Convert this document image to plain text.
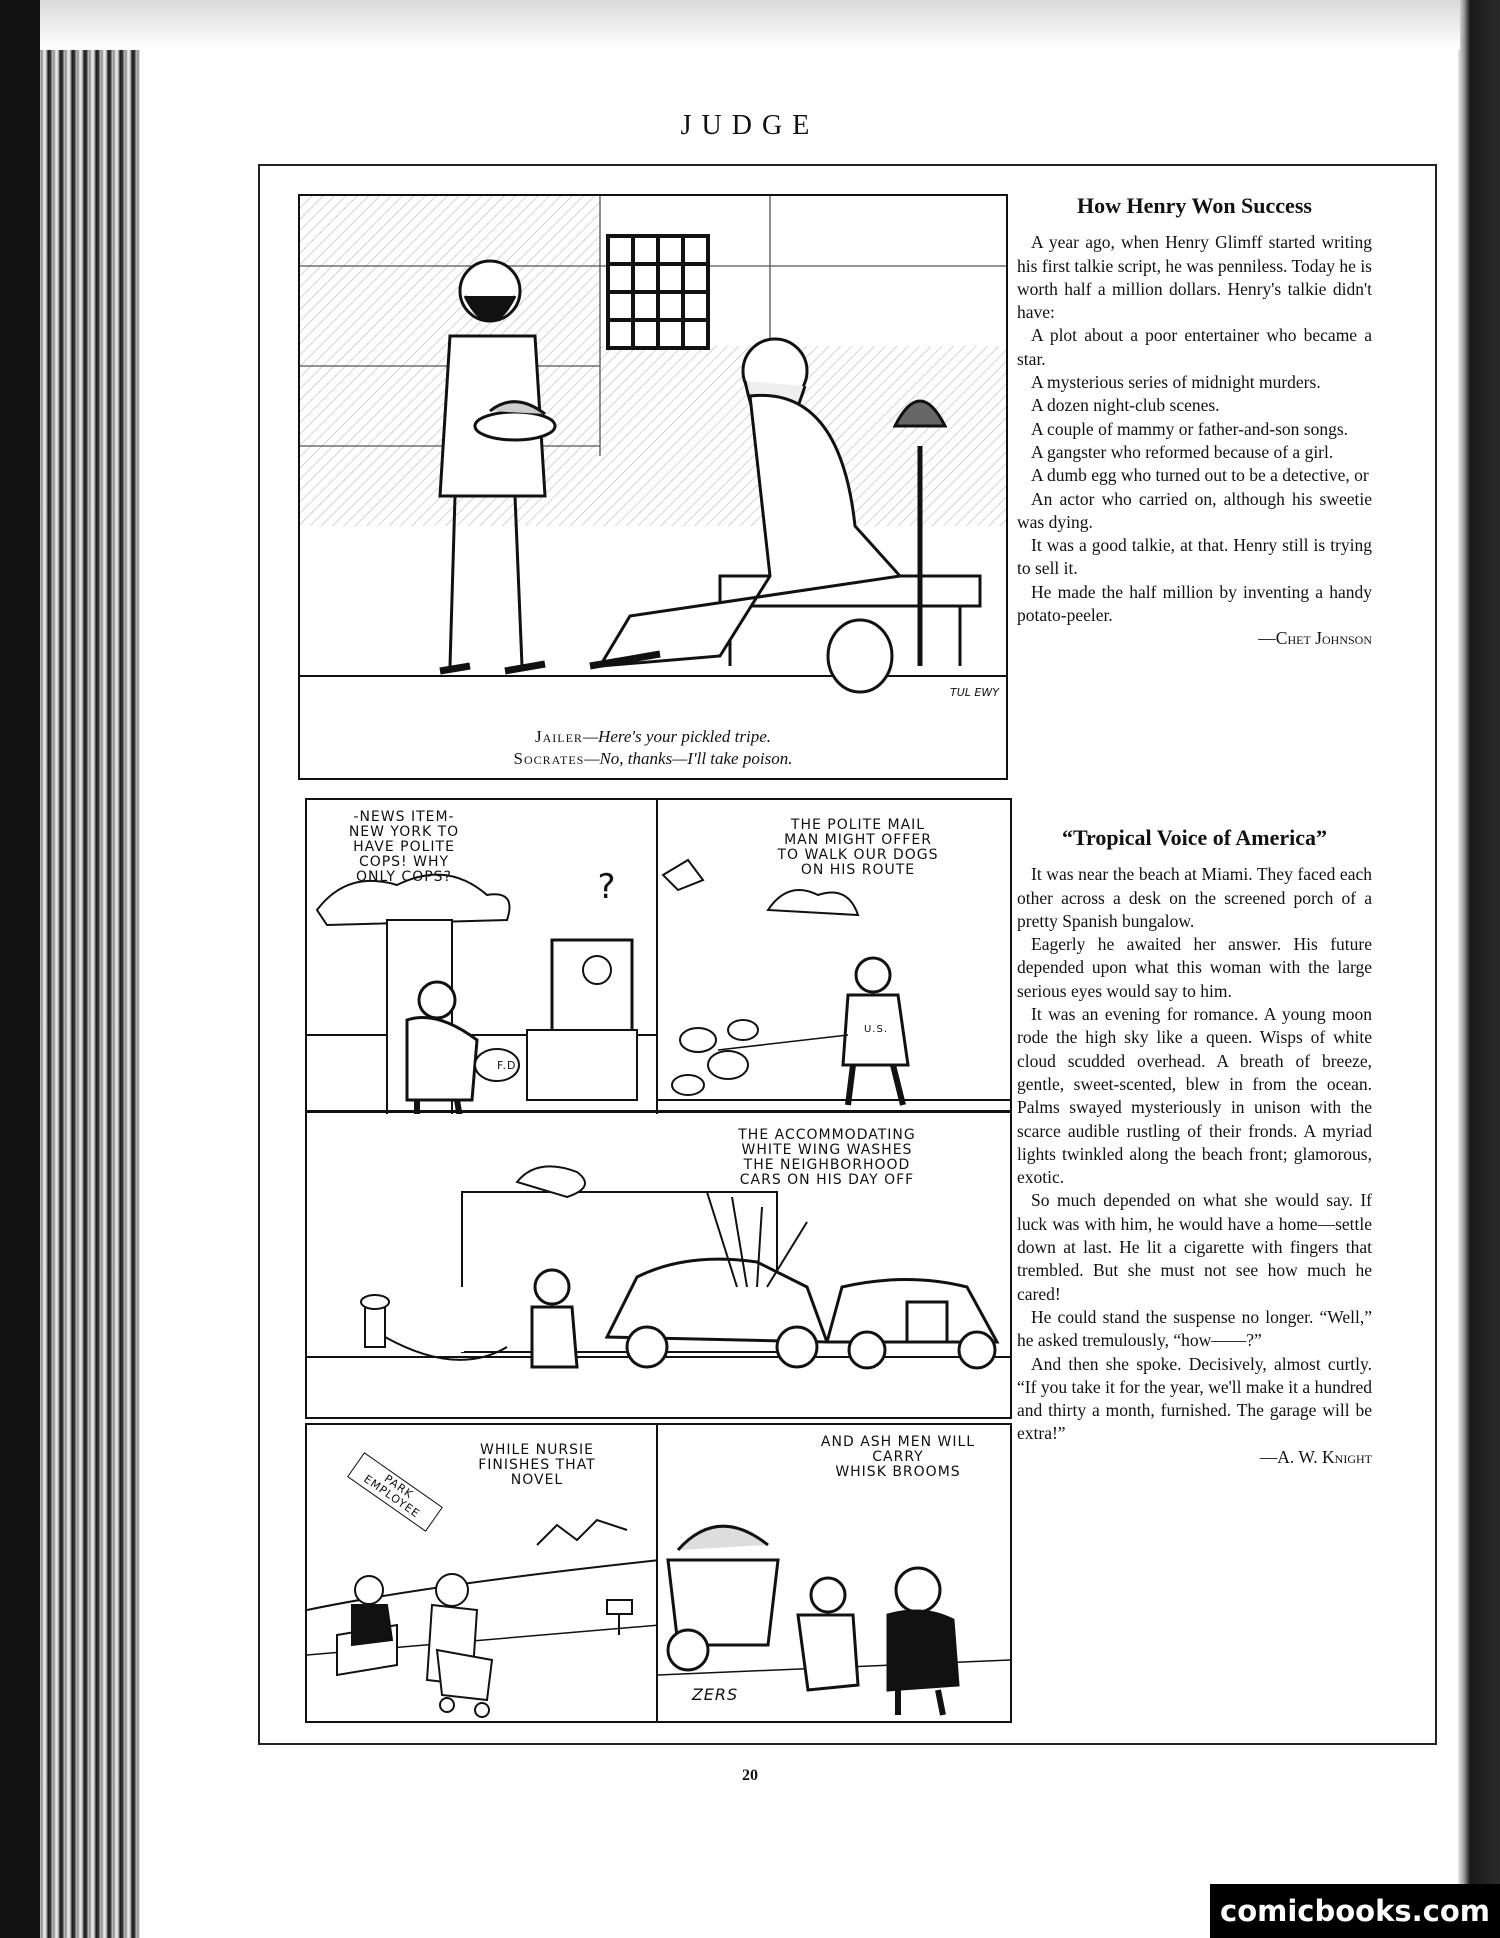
JUDGE
TUL EWY
Jailer—Here's your pickled tripe.
Socrates—No, thanks—I'll take poison.
-NEWS ITEM-
NEW YORK TO
HAVE POLITE
COPS! WHY
ONLY COPS?	?
F.D.
THE POLITE MAIL
MAN MIGHT OFFER
TO WALK OUR DOGS
ON HIS ROUTE
U.S.
THE ACCOMMODATING
WHITE WING WASHES
THE NEIGHBORHOOD
CARS ON HIS DAY OFF
WHILE NURSIE
FINISHES THAT
NOVEL
PARK
EMPLOYEE
AND ASH MEN WILL
CARRY
WHISK BROOMS
ZERS
How Henry Won Success

A year ago, when Henry Glimff started writing his first talkie script, he was penniless. Today he is worth half a million dollars. Henry's talkie didn't have:

A plot about a poor entertainer who became a star.

A mysterious series of midnight murders.

A dozen night-club scenes.

A couple of mammy or father-and-son songs.

A gangster who reformed because of a girl.

A dumb egg who turned out to be a detective, or

An actor who carried on, although his sweetie was dying.

It was a good talkie, at that. Henry still is trying to sell it.

He made the half million by inventing a handy potato-peeler.

—Chet Johnson
“Tropical Voice of America”

It was near the beach at Miami. They faced each other across a desk on the screened porch of a pretty Spanish bungalow.

Eagerly he awaited her answer. His future depended upon what this woman with the large serious eyes would say to him.

It was an evening for romance. A young moon rode the high sky like a queen. Wisps of white cloud scudded overhead. A breath of breeze, gentle, sweet-scented, blew in from the ocean. Palms swayed mysteriously in unison with the scarce audible rustling of their fronds. A myriad lights twinkled along the beach front; glamorous, exotic.

So much depended on what she would say. If luck was with him, he would have a home—settle down at last. He lit a cigarette with fingers that trembled. But she must not see how much he cared!

He could stand the suspense no longer. “Well,” he asked tremulously, “how——?”

And then she spoke. Decisively, almost curtly. “If you take it for the year, we'll make it a hundred and thirty a month, furnished. The garage will be extra!”

—A. W. Knight
20
comicbooks.com
